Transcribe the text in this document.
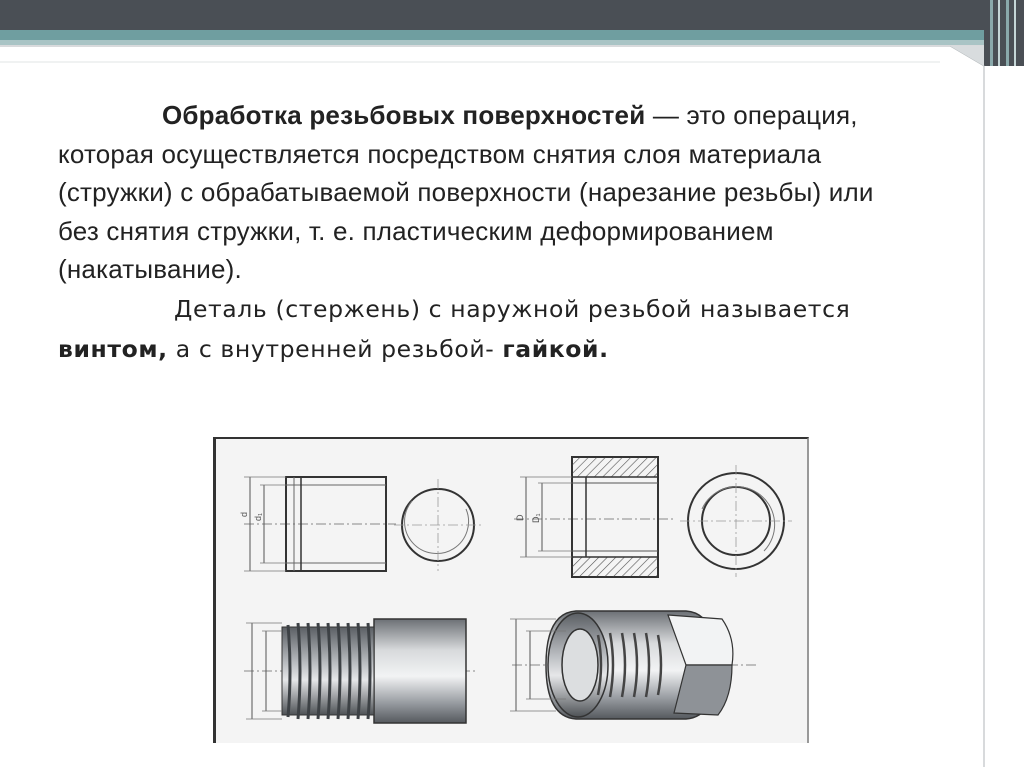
Обработка резьбовых поверхностей — это операция, которая осуществляется посредством снятия слоя материала (стружки) с обрабатываемой поверхности (нарезание резьбы) или без снятия стружки, т. е. пластическим деформированием (накатывание).

Деталь (стержень) с наружной резьбой называется винтом, а с внутренней резьбой- гайкой.

d d₁	D D₁
